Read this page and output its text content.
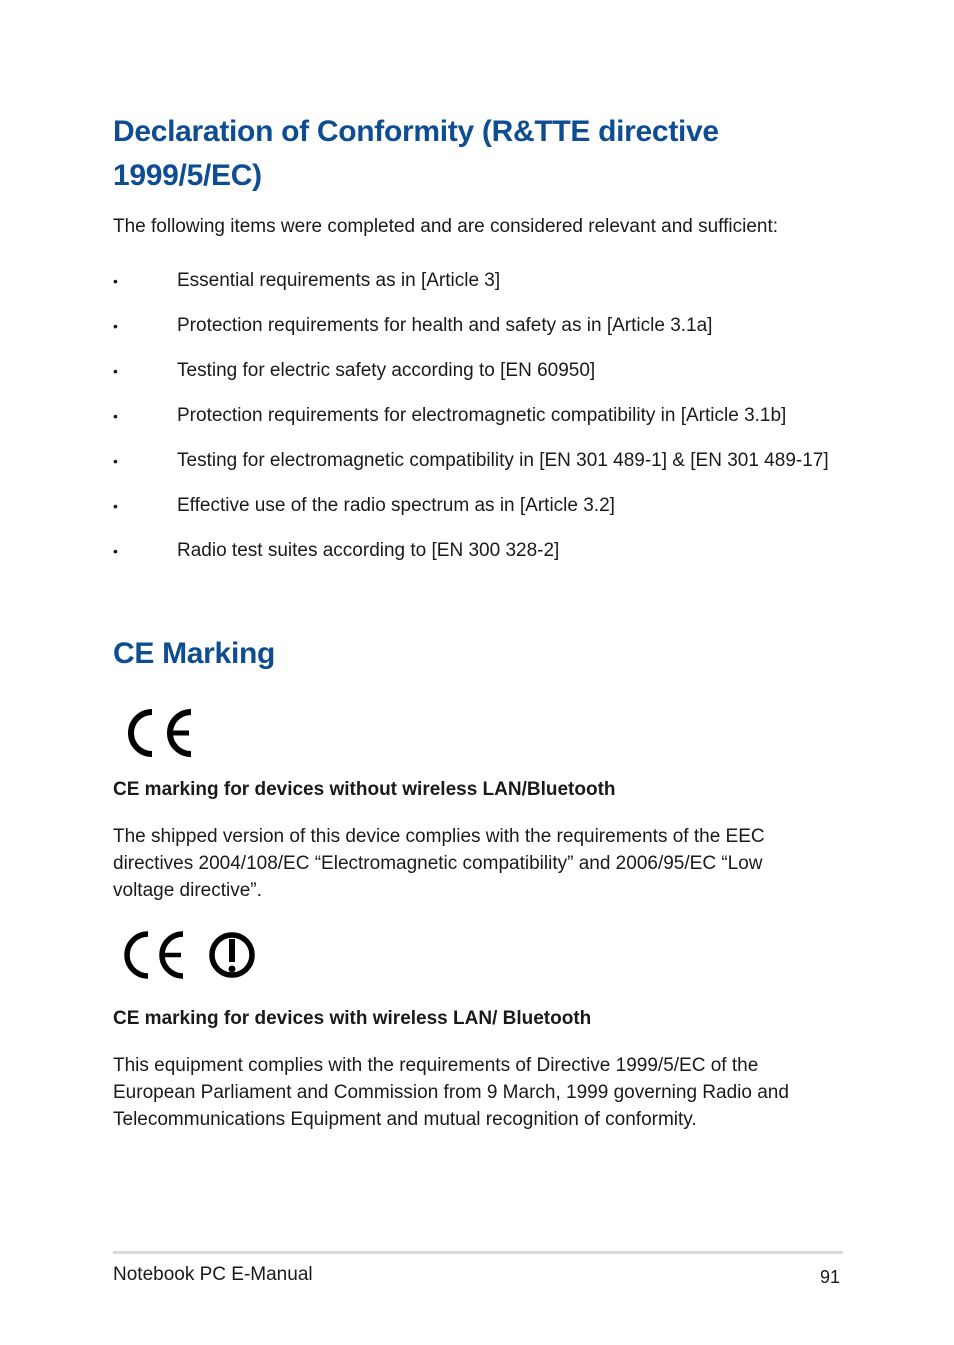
Declaration of Conformity (R&TTE directive 1999/5/EC)

The following items were completed and are considered relevant and sufficient:

•	Essential requirements as in [Article 3]
•	Protection requirements for health and safety as in [Article 3.1a]
•	Testing for electric safety according to [EN 60950]
•	Protection requirements for electromagnetic compatibility in [Article 3.1b]
•	Testing for electromagnetic compatibility in [EN 301 489-1] & [EN 301 489-17]
•	Effective use of the radio spectrum as in [Article 3.2]
•	Radio test suites according to [EN 300 328-2]
CE Marking

CE marking for devices without wireless LAN/Bluetooth

The shipped version of this device complies with the requirements of the EEC directives 2004/108/EC “Electromagnetic compatibility” and 2006/95/EC “Low voltage directive”.

CE marking for devices with wireless LAN/ Bluetooth

This equipment complies with the requirements of Directive 1999/5/EC of the European Parliament and Commission from 9 March, 1999 governing Radio and Telecommunications Equipment and mutual recognition of conformity.

Notebook PC E-Manual	91
